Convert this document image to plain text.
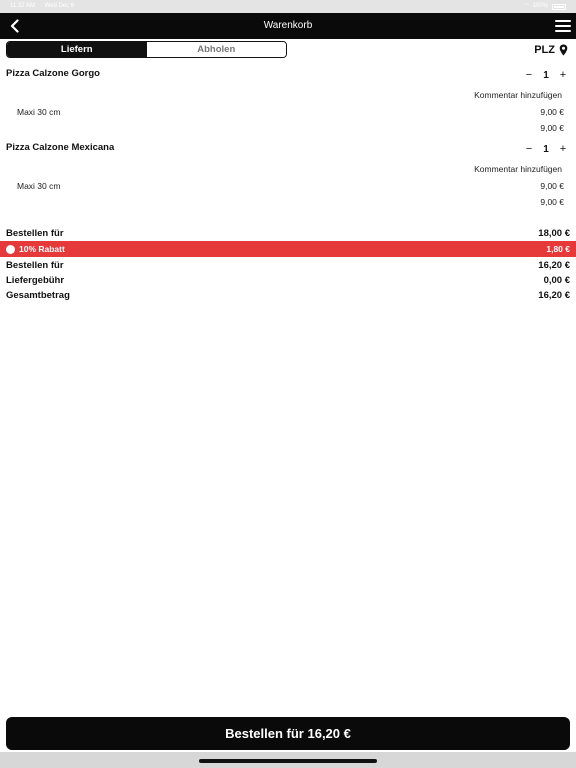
11:32 AM Wed Dec 6	◠ 100%
Warenkorb
Liefern	Abholen	PLZ
Pizza Calzone Gorgo	− 1 +
Kommentar hinzufügen
Maxi 30 cm	9,00 €
9,00 €
Pizza Calzone Mexicana	− 1 +
Kommentar hinzufügen
Maxi 30 cm	9,00 €
9,00 €
Bestellen für	18,00 €
10% Rabatt	1,80 €
Bestellen für	16,20 €
Liefergebühr	0,00 €
Gesamtbetrag	16,20 €
Bestellen für 16,20 €
